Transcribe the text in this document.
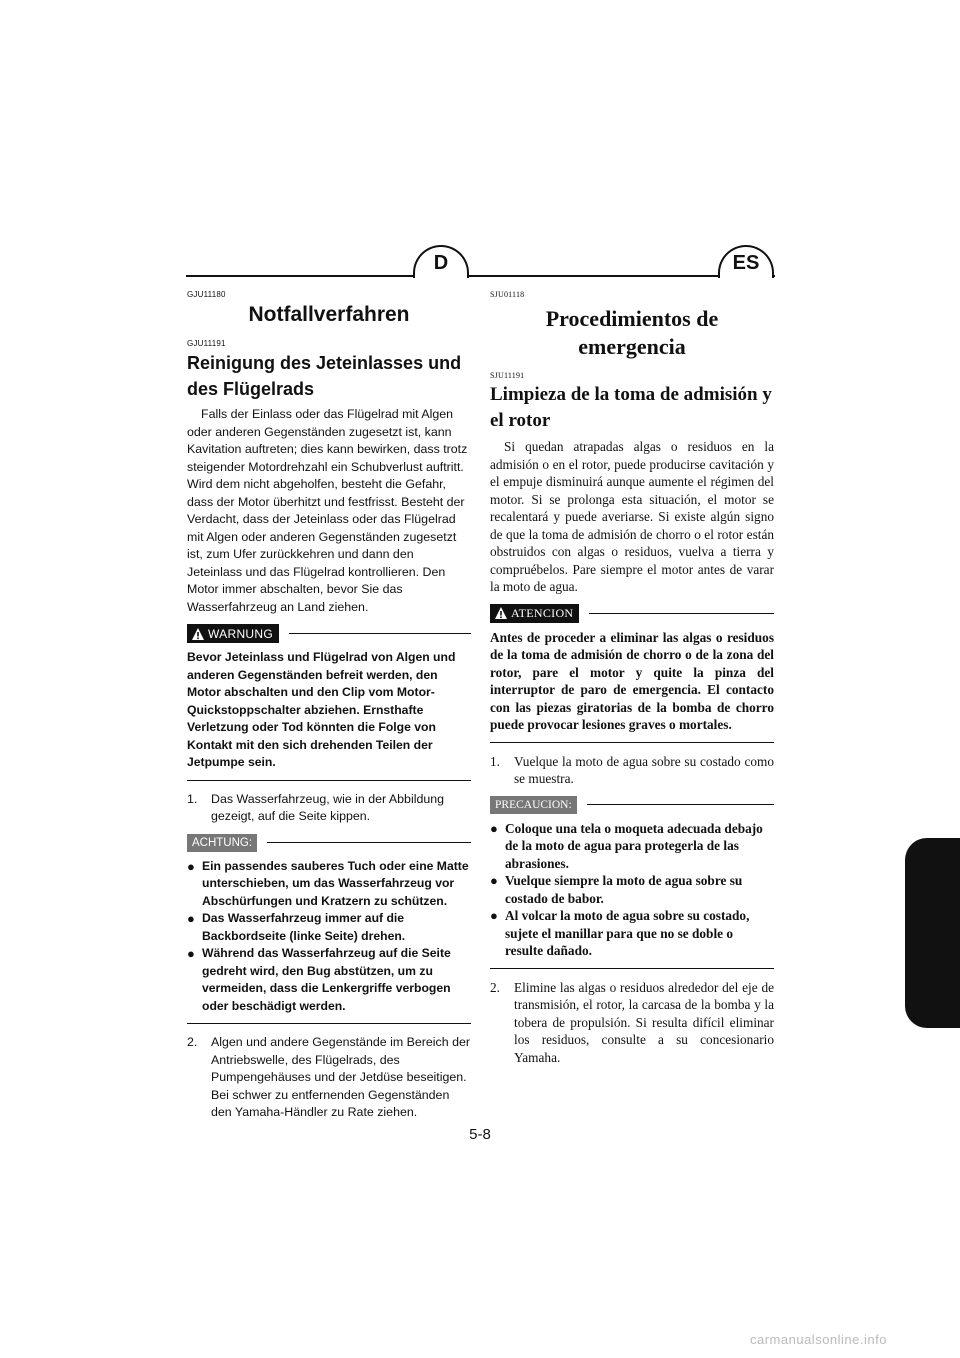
D	ES

GJU11180

Notfallverfahren

GJU11191

Reinigung des Jeteinlasses und des Flügelrads

Falls der Einlass oder das Flügelrad mit Algen oder anderen Gegenständen zugesetzt ist, kann Kavitation auftreten; dies kann bewirken, dass trotz steigender Motordrehzahl ein Schubverlust auftritt. Wird dem nicht abgeholfen, besteht die Gefahr, dass der Motor überhitzt und festfrisst. Besteht der Verdacht, dass der Jeteinlass oder das Flügelrad mit Algen oder anderen Gegenständen zugesetzt ist, zum Ufer zurückkehren und dann den Jeteinlass und das Flügelrad kontrollieren. Den Motor immer abschalten, bevor Sie das Wasserfahrzeug an Land ziehen.

WARNUNG

Bevor Jeteinlass und Flügelrad von Algen und anderen Gegenständen befreit werden, den Motor abschalten und den Clip vom Motor-Quickstoppschalter abziehen. Ernsthafte Verletzung oder Tod könnten die Folge von Kontakt mit den sich drehenden Teilen der Jetpumpe sein.

1.	Das Wasserfahrzeug, wie in der Abbildung gezeigt, auf die Seite kippen.
ACHTUNG:
● Ein passendes sauberes Tuch oder eine Matte unterschieben, um das Wasserfahrzeug vor Abschürfungen und Kratzern zu schützen.
● Das Wasserfahrzeug immer auf die Backbordseite (linke Seite) drehen.
● Während das Wasserfahrzeug auf die Seite gedreht wird, den Bug abstützen, um zu vermeiden, dass die Lenkergriffe verbogen oder beschädigt werden.
2.	Algen und andere Gegenstände im Bereich der Antriebswelle, des Flügelrads, des Pumpengehäuses und der Jetdüse beseitigen. Bei schwer zu entfernenden Gegenständen den Yamaha-Händler zu Rate ziehen.

SJU01118

Procedimientos de emergencia

SJU11191

Limpieza de la toma de admisión y el rotor

Si quedan atrapadas algas o residuos en la admisión o en el rotor, puede producirse cavitación y el empuje disminuirá aunque aumente el régimen del motor. Si se prolonga esta situación, el motor se recalentará y puede averiarse. Si existe algún signo de que la toma de admisión de chorro o el rotor están obstruidos con algas o residuos, vuelva a tierra y compruébelos. Pare siempre el motor antes de varar la moto de agua.

ATENCION

Antes de proceder a eliminar las algas o residuos de la toma de admisión de chorro o de la zona del rotor, pare el motor y quite la pinza del interruptor de paro de emergencia. El contacto con las piezas giratorias de la bomba de chorro puede provocar lesiones graves o mortales.

1.	Vuelque la moto de agua sobre su costado como se muestra.
PRECAUCION:
● Coloque una tela o moqueta adecuada debajo de la moto de agua para protegerla de las abrasiones.
● Vuelque siempre la moto de agua sobre su costado de babor.
● Al volcar la moto de agua sobre su costado, sujete el manillar para que no se doble o resulte dañado.
2.	Elimine las algas o residuos alrededor del eje de transmisión, el rotor, la carcasa de la bomba y la tobera de propulsión. Si resulta difícil eliminar los residuos, consulte a su concesionario Yamaha.
5-8
carmanualsonline.info
